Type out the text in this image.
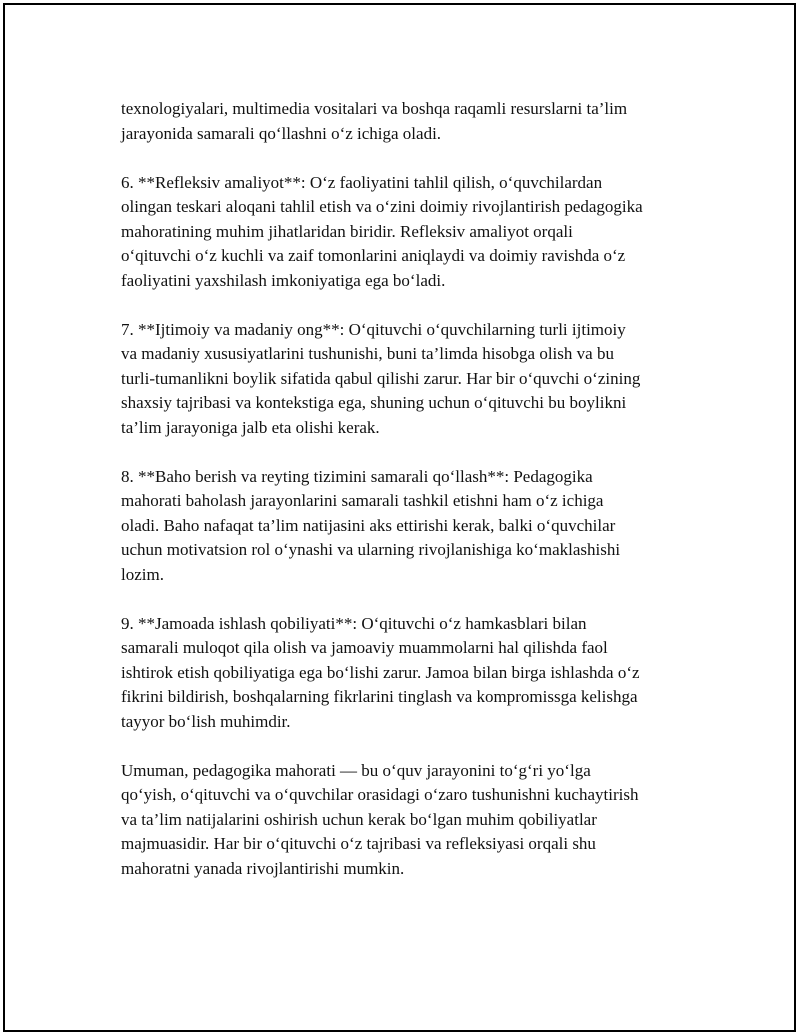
texnologiyalari, multimedia vositalari va boshqa raqamli resurslarni ta’lim
jarayonida samarali qo‘llashni o‘z ichiga oladi.

6. **Refleksiv amaliyot**: O‘z faoliyatini tahlil qilish, o‘quvchilardan
olingan teskari aloqani tahlil etish va o‘zini doimiy rivojlantirish pedagogika
mahoratining muhim jihatlaridan biridir. Refleksiv amaliyot orqali
o‘qituvchi o‘z kuchli va zaif tomonlarini aniqlaydi va doimiy ravishda o‘z
faoliyatini yaxshilash imkoniyatiga ega bo‘ladi.

7. **Ijtimoiy va madaniy ong**: O‘qituvchi o‘quvchilarning turli ijtimoiy
va madaniy xususiyatlarini tushunishi, buni ta’limda hisobga olish va bu
turli-tumanlikni boylik sifatida qabul qilishi zarur. Har bir o‘quvchi o‘zining
shaxsiy tajribasi va kontekstiga ega, shuning uchun o‘qituvchi bu boylikni
ta’lim jarayoniga jalb eta olishi kerak.

8. **Baho berish va reyting tizimini samarali qo‘llash**: Pedagogika
mahorati baholash jarayonlarini samarali tashkil etishni ham o‘z ichiga
oladi. Baho nafaqat ta’lim natijasini aks ettirishi kerak, balki o‘quvchilar
uchun motivatsion rol o‘ynashi va ularning rivojlanishiga ko‘maklashishi
lozim.

9. **Jamoada ishlash qobiliyati**: O‘qituvchi o‘z hamkasblari bilan
samarali muloqot qila olish va jamoaviy muammolarni hal qilishda faol
ishtirok etish qobiliyatiga ega bo‘lishi zarur. Jamoa bilan birga ishlashda o‘z
fikrini bildirish, boshqalarning fikrlarini tinglash va kompromissga kelishga
tayyor bo‘lish muhimdir.

Umuman, pedagogika mahorati — bu o‘quv jarayonini to‘g‘ri yo‘lga
qo‘yish, o‘qituvchi va o‘quvchilar orasidagi o‘zaro tushunishni kuchaytirish
va ta’lim natijalarini oshirish uchun kerak bo‘lgan muhim qobiliyatlar
majmuasidir. Har bir o‘qituvchi o‘z tajribasi va refleksiyasi orqali shu
mahoratni yanada rivojlantirishi mumkin.
